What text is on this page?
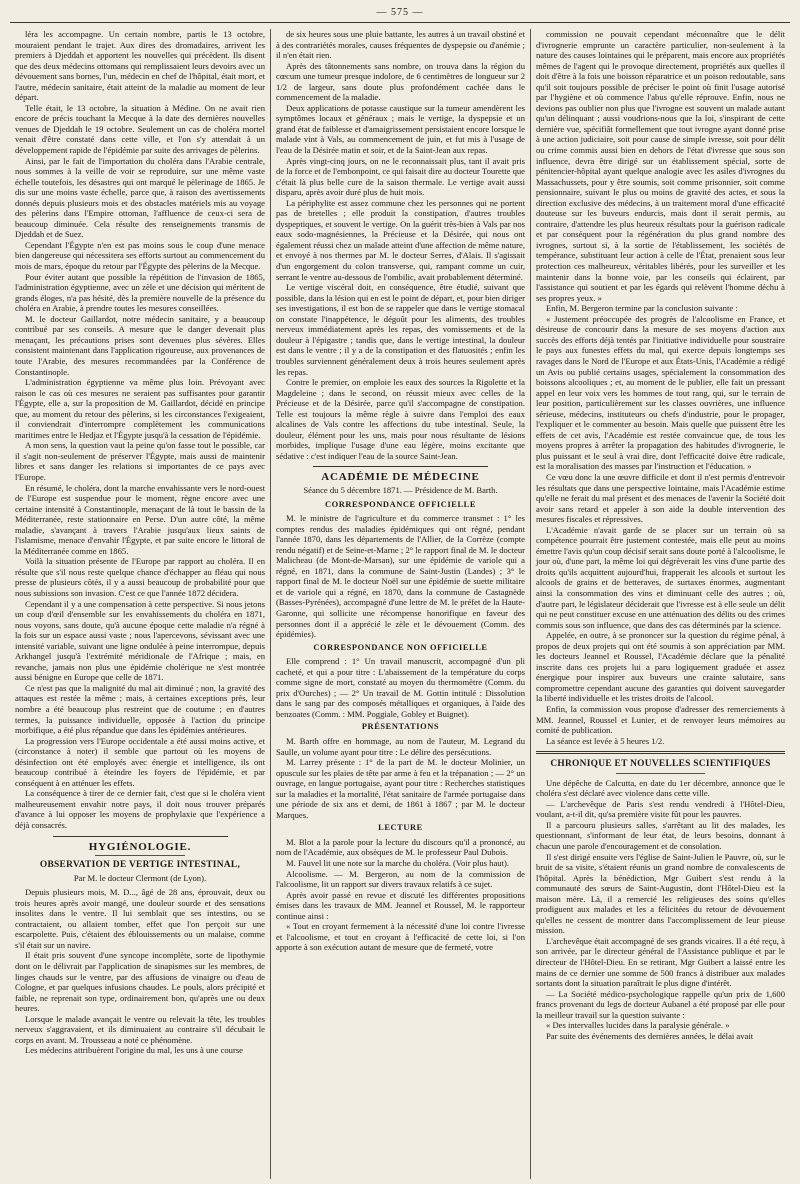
— 575 —

léra les accompagne. Un certain nombre, partis le 13 octobre, mouraient pendant le trajet. Aux dires des dromadaires, arrivent les premiers à Djeddah et apportent les nouvelles qui précèdent. Ils disent que des deux médecins ottomans qui remplissaient leurs devoirs avec un dévouement sans bornes, l'un, médecin en chef de l'hôpital, était mort, et l'autre, médecin sanitaire, était atteint de la maladie au moment de leur départ.

Telle était, le 13 octobre, la situation à Médine. On ne avait rien encore de précis touchant la Mecque à la date des dernières nouvelles venues de Djeddah le 19 octobre. Seulement un cas de choléra mortel venait d'être constaté dans cette ville, et l'on s'y attendait à un développement rapide de l'épidémie par suite des arrivages de pèlerins.

Ainsi, par le fait de l'importation du choléra dans l'Arabie centrale, nous sommes à la veille de voir se reproduire, sur une même vaste échelle toutefois, les désastres qui ont marqué le pèlerinage de 1865. Je dis sur une moins vaste échelle, parce que, à raison des avertissements donnés depuis plusieurs mois et des obstacles matériels mis au voyage des pèlerins dans l'Empire ottoman, l'affluence de ceux-ci sera de beaucoup diminuée. Cela résulte des renseignements transmis de Djeddah et de Suez.

Cependant l'Égypte n'en est pas moins sous le coup d'une menace bien dangereuse qui nécessitera ses efforts surtout au commencement du mois de mars, époque du retour par l'Égypte des pèlerins de la Mecque.

Pour éviter autant que possible la répétition de l'invasion de 1865, l'administration égyptienne, avec un zèle et une décision qui méritent de grands éloges, n'a pas hésité, dès la première nouvelle de la présence du choléra en Arabie, à prendre toutes les mesures conseillées.

M. le docteur Gaillardot, notre médecin sanitaire, y a beaucoup contribué par ses conseils. A mesure que le danger devenait plus menaçant, les précautions prises sont devenues plus sévères. Elles consistent maintenant dans l'application rigoureuse, aux provenances de toute l'Arabie, des mesures recommandées par la Conférence de Constantinople.

L'administration égyptienne va même plus loin. Prévoyant avec raison le cas où ces mesures ne seraient pas suffisantes pour garantir l'Égypte, elle a, sur la proposition de M. Gaillardot, décidé en principe que, au moment du retour des pèlerins, si les circonstances l'exigeaient, il conviendrait d'interrompre complètement les communications maritimes entre le Hedjaz et l'Égypte jusqu'à la cessation de l'épidémie.

A mon sens, la question vaut la peine qu'on fasse tout le possible, car il s'agit non-seulement de préserver l'Égypte, mais aussi de maintenir libres et sans danger les relations si importantes de ce pays avec l'Europe.

En résumé, le choléra, dont la marche envahissante vers le nord-ouest de l'Europe est suspendue pour le moment, règne encore avec une certaine intensité à Constantinople, menaçant de là tout le bassin de la Méditerranée, reste stationnaire en Perse. D'un autre côté, la même maladie, s'avançant à travers l'Arabie jusqu'aux lieux saints de l'islamisme, menace d'envahir l'Égypte, et par suite encore le littoral de la Méditerranée comme en 1865.

Voilà la situation présente de l'Europe par rapport au choléra. Il en résulte que s'il nous reste quelque chance d'échapper au fléau qui nous presse de plusieurs côtés, il y a aussi beaucoup de probabilité pour que nous subissions son invasion. C'est ce que l'année 1872 décidera.

Cependant il y a une compensation à cette perspective. Si nous jetons un coup d'œil d'ensemble sur les envahissements du choléra en 1871, nous voyons, sans doute, qu'à aucune époque cette maladie n'a régné à la fois sur un espace aussi vaste ; nous l'apercevons, sévissant avec une intensité variable, suivant une ligne ondulée à peine interrompue, depuis Arkhangel jusqu'à l'extrémité méridionale de l'Afrique ; mais, en revanche, jamais non plus une épidémie cholérique ne s'est montrée aussi bénigne en Europe que celle de 1871.

Ce n'est pas que la malignité du mal ait diminué ; non, la gravité des attaques est restée la même ; mais, à certaines exceptions près, leur nombre a été beaucoup plus restreint que de coutume ; en d'autres termes, la puissance individuelle, opposée à l'action du principe morbifique, a été plus répandue que dans les épidémies antérieures.

La progression vers l'Europe occidentale a été aussi moins active, et (circonstance à noter) il semble que partout où les moyens de désinfection ont été employés avec énergie et intelligence, ils ont beaucoup contribué à éteindre les foyers de l'épidémie, et par conséquent à en atténuer les effets.

La conséquence à tirer de ce dernier fait, c'est que si le choléra vient malheureusement envahir notre pays, il doit nous trouver préparés d'avance à lui opposer les moyens de prophylaxie que l'expérience a déjà consacrés.

HYGIÉNOLOGIE.
OBSERVATION DE VERTIGE INTESTINAL,
Par M. le docteur Clermont (de Lyon).

Depuis plusieurs mois, M. D..., âgé de 28 ans, éprouvait, deux ou trois heures après avoir mangé, une douleur sourde et des sensations insolites dans le ventre. Il lui semblait que ses intestins, ou se contractaient, ou allaient tomber, effet que l'on perçoit sur une escarpolette. Puis, c'étaient des éblouissements ou un malaise, comme s'il était sur un navire.

Il était pris souvent d'une syncope incomplète, sorte de lipothymie dont on le délivrait par l'application de sinapismes sur les membres, de linges chauds sur le ventre, par des affusions de vinaigre ou d'eau de Cologne, et par quelques infusions chaudes. Le pouls, alors précipité et faible, ne reprenait son type, ordinairement bon, qu'après une ou deux heures.

Lorsque le malade avançait le ventre ou relevait la tête, les troubles nerveux s'aggravaient, et ils diminuaient au contraire s'il décubait le corps en avant. M. Trousseau a noté ce phénomène.

Les médecins attribuèrent l'origine du mal, les uns à une course

de six heures sous une pluie battante, les autres à un travail obstiné et à des contrariétés morales, causes fréquentes de dyspepsie ou d'anémie ; il n'en était rien.

Après des tâtonnements sans nombre, on trouva dans la région du cœcum une tumeur presque indolore, de 6 centimètres de longueur sur 2 1/2 de largeur, sans doute plus profondément cachée dans le commencement de la maladie.

Deux applications de potasse caustique sur la tumeur amendèrent les symptômes locaux et généraux ; mais le vertige, la dyspepsie et un grand état de faiblesse et d'amaigrissement persistaient encore lorsque le malade vint à Vals, au commencement de juin, et fut mis à l'usage de l'eau de la Désirée matin et soir, et de la Saint-Jean aux repas.

Après vingt-cinq jours, on ne le reconnaissait plus, tant il avait pris de la force et de l'embonpoint, ce qui faisait dire au docteur Tourette que c'était là plus belle cure de la saison thermale. Le vertige avait aussi disparu, après avoir duré plus de huit mois.

La périphylite est assez commune chez les personnes qui ne portent pas de bretelles ; elle produit la constipation, d'autres troubles dyspeptiques, et souvent le vertige. On la guérit très-bien à Vals par nos eaux sodo-magnésiennes, la Précieuse et la Désirée, qui nous ont également réussi chez un malade atteint d'une affection de même nature, et envoyé à nos thermes par M. le docteur Serres, d'Alais. Il s'agissait d'un engorgement du colon transverse, qui, rampant comme un cuir, serrant le ventre au-dessous de l'ombilic, avait probablement déterminé.

Le vertige viscéral doit, en conséquence, être étudié, suivant que possible, dans la lésion qui en est le point de départ, et, pour bien diriger ses investigations, il est bon de se rappeler que dans le vertige stomacal on constate l'inappétence, le dégoût pour les aliments, des troubles nerveux immédiatement après les repas, des vomissements et de la douleur à l'épigastre ; tandis que, dans le vertige intestinal, la douleur est dans le ventre ; il y a de la constipation et des flatuosités ; enfin les troubles surviennent généralement deux à trois heures seulement après les repas.

Contre le premier, on emploie les eaux des sources la Rigolette et la Magdeleine ; dans le second, on réussit mieux avec celles de la Précieuse et de la Désirée, parce qu'il s'accompagne de constipation. Telle est toujours la même règle à suivre dans l'emploi des eaux alcalines de Vals contre les affections du tube intestinal. Seule, la douleur, élément pour les uns, mais pour nous résultante de lésions morbides, implique l'usage d'une eau légère, moins excitante que sédative : c'est indiquer l'eau de la source Saint-Jean.

ACADÉMIE DE MÉDECINE
Séance du 5 décembre 1871. — Présidence de M. Barth.
CORRESPONDANCE OFFICIELLE

M. le ministre de l'agriculture et du commerce transmet : 1° les comptes rendus des maladies épidémiques qui ont régné, pendant l'année 1870, dans les départements de l'Allier, de la Corrèze (compte rendu négatif) et de Seine-et-Marne ; 2° le rapport final de M. le docteur Malicheau (de Mont-de-Marsan), sur une épidémie de variole qui a régné, en 1871, dans la commune de Saint-Justin (Landes) ; 3° le rapport final de M. le docteur Noël sur une épidémie de suette militaire et de variole qui a régné, en 1870, dans la commune de Castagnède (Basses-Pyrénées), accompagné d'une lettre de M. le préfet de la Haute-Garonne, qui sollicite une récompense honorifique en faveur des personnes dont il a apprécié le zèle et le dévouement (Comm. des épidémies).

CORRESPONDANCE NON OFFICIELLE

Elle comprend : 1° Un travail manuscrit, accompagné d'un pli cacheté, et qui a pour titre : L'abaissement de la température du corps comme signe de mort, constaté au moyen du thermomètre (Comm. du prix d'Ourches) ; — 2° Un travail de M. Gottin intitulé : Dissolution dans le sang par des composés métalliques et organiques, à l'aide des benzoates (Comm. : MM. Poggiale, Gobley et Buignet).

PRÉSENTATIONS

M. Barth offre en hommage, au nom de l'auteur, M. Legrand du Saulle, un volume ayant pour titre : Le délire des persécutions.

M. Larrey présente : 1° de la part de M. le docteur Molinier, un opuscule sur les plaies de tête par arme à feu et la trépanation ; — 2° un ouvrage, en langue portugaise, ayant pour titre : Recherches statistiques sur la maladies et la mortalité, l'état sanitaire de l'armée portugaise dans une période de six ans et demi, de 1861 à 1867 ; par M. le docteur Marques.

LECTURE

M. Blot a la parole pour la lecture du discours qu'il a prononcé, au nom de l'Académie, aux obsèques de M. le professeur Paul Dubois.

M. Fauvel lit une note sur la marche du choléra. (Voir plus haut).

Alcoolisme. — M. Bergeron, au nom de la commission de l'alcoolisme, lit un rapport sur divers travaux relatifs à ce sujet.

Après avoir passé en revue et discuté les différentes propositions émises dans les travaux de MM. Jeannel et Roussel, M. le rapporteur continue ainsi :

« Tout en croyant fermement à la nécessité d'une loi contre l'ivresse et l'alcoolisme, et tout en croyant à l'efficacité de cette loi, si l'on apporte à son exécution autant de mesure que de fermeté, votre

commission ne pouvait cependant méconnaître que le délit d'ivrognerie emprunte un caractère particulier, non-seulement à la nature des causes lointaines qui le préparent, mais encore aux propriétés mêmes de l'agent qui le provoque directement, propriétés aux quelles il doit d'être à la fois une boisson réparatrice et un poison redoutable, sans qu'il soit toujours possible de préciser le point où finit l'usage autorisé par l'hygiène et où commence l'abus qu'elle réprouve. Enfin, nous ne devions pas oublier non plus que l'ivrogne est souvent un malade autant qu'un délinquant ; aussi voudrions-nous que la loi, s'inspirant de cette dernière vue, spécifiât formellement que tout ivrogne ayant donné prise à une action judiciaire, soit pour cause de simple ivresse, soit pour délit ou crime commis aussi bien en dehors de l'état d'ivresse que sous son influence, devra être dirigé sur un établissement spécial, sorte de pénitencier-hôpital ayant quelque analogie avec les asiles d'ivrognes du Massachussets, pour y être soumis, soit comme prisonnier, soit comme pensionnaire, suivant le plus ou moins de gravité des actes, et sous la direction exclusive des médecins, à un traitement moral d'une efficacité douteuse sur les buveurs endurcis, mais dont il serait permis, au contraire, d'attendre les plus heureux résultats pour la guérison radicale et par conséquent pour la régénération du plus grand nombre des ivrognes, surtout si, à la sortie de l'établissement, les sociétés de tempérance, substituant leur action à celle de l'État, prenaient sous leur protection ces malheureux, véritables libérés, pour les surveiller et les maintenir dans la bonne voie, par les conseils qui éclairent, par l'assistance qui soutient et par les égards qui relèvent l'homme déchu à ses propres yeux. »

Enfin, M. Bergeron termine par la conclusion suivante :

« Justement préoccupée des progrès de l'alcoolisme en France, et désireuse de concourir dans la mesure de ses moyens d'action aux succès des efforts déjà tentés par l'initiative individuelle pour soustraire le pays aux funestes effets du mal, qui exerce depuis longtemps ses ravages dans le Nord de l'Europe et aux États-Unis, l'Académie a rédigé un Avis ou publié certains usages, spécialement la consommation des boissons alcooliques ; et, au moment de le publier, elle fait un pressant appel en leur voix vers les hommes de tout rang, qui, sur le terrain de leur position, particulièrement sur les classes ouvrières, une influence sérieuse, médecins, instituteurs ou chefs d'industrie, pour le propager, l'expliquer et le commenter au besoin. Mais quelle que puissent être les effets de cet avis, l'Académie est restée convaincue que, de tous les moyens propres à arrêter la propagation des habitudes d'ivrognerie, le plus puissant et le seul à vrai dire, dont l'efficacité doive être radicale, est la moralisation des masses par l'instruction et l'éducation. »

Ce vœu donc la une œuvre difficile et dont il n'est permis d'entrevoir les résultats que dans une perspective lointaine, mais l'Académie estime qu'elle ne ferait du mal présent et des menaces de l'avenir la Société doit avoir sans retard et appeler à son aide la double intervention des mesures fiscales et répressives.

L'Académie n'avait garde de se placer sur un terrain où sa compétence pourrait être justement contestée, mais elle peut au moins émettre l'avis qu'un coup décisif serait sans doute porté à l'alcoolisme, le jour où, d'une part, la même loi qui dégrèverait les vins d'une partie des droits qu'ils acquittent aujourd'hui, frapperait les alcools et surtout les alcools de grains et de betteraves, de surtaxes énormes, augmentant ainsi la consommation des vins et diminuant celle des autres ; où, d'autre part, le législateur déciderait que l'ivresse est à elle seule un délit qui ne peut constituer excuse en une atténuation des délits ou des crimes commis sous son influence, que dans des cas déterminés par la science.

Appelée, en outre, à se prononcer sur la question du régime pénal, à propos de deux projets qui ont été soumis à son appréciation par MM. les docteurs Jeannel et Roussel, l'Académie déclare que la pénalité inscrite dans ces projets lui a paru logiquement graduée et assez énergique pour inspirer aux buveurs une crainte salutaire, sans compromettre cependant aucune des garanties qui doivent sauvegarder la liberté individuelle et les tristes droits de l'alcool.

Enfin, la commission vous propose d'adresser des remerciements à MM. Jeannel, Roussel et Lunier, et de renvoyer leurs mémoires au comité de publication.

La séance est levée à 5 heures 1/2.

CHRONIQUE ET NOUVELLES SCIENTIFIQUES

Une dépêche de Calcutta, en date du 1er décembre, annonce que le choléra s'est déclaré avec violence dans cette ville.

— L'archevêque de Paris s'est rendu vendredi à l'Hôtel-Dieu, voulant, a-t-il dit, qu'sa première visite fût pour les pauvres.

Il a parcouru plusieurs salles, s'arrêtant au lit des malades, les questionnant, s'informant de leur état, de leurs besoins, donnant à chacun une parole d'encouragement et de consolation.

Il s'est dirigé ensuite vers l'église de Saint-Julien le Pauvre, où, sur le bruit de sa visite, s'étaient réunis un grand nombre de convalescents de l'hôpital. Après la bénédiction, Mgr Guibert s'est rendu à la communauté des sœurs de Saint-Augustin, dont l'Hôtel-Dieu est la maison mère. Là, il a remercié les religieuses des soins qu'elles prodiguent aux malades et les a félicitées du retour de dévouement qu'elles ne cessent de montrer dans l'accomplissement de leur pieuse mission.

L'archevêque était accompagné de ses grands vicaires. Il a été reçu, à son arrivée, par le directeur général de l'Assistance publique et par le directeur de l'Hôtel-Dieu. En se retirant, Mgr Guibert a laissé entre les mains de ce dernier une somme de 500 francs à distribuer aux malades sortants dont la situation paraîtrait le plus digne d'intérêt.

— La Société médico-psychologique rappelle qu'un prix de 1,600 francs provenant du legs de docteur Aubanel a été proposé par elle pour la meilleur travail sur la question suivante :

« Des intervalles lucides dans la paralysie générale. »

Par suite des événements des dernières années, le délai avait
